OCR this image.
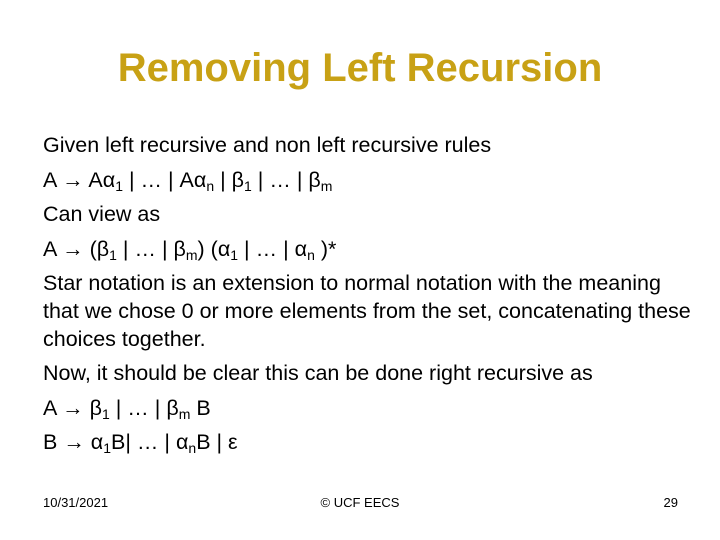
Removing Left Recursion
Given left recursive and non left recursive rules
$A \to A\alpha_1$ | … | $A\alpha_n$ | $\beta_1$ | … | $\beta_m$
Can view as
$A \to (\beta_1$ | … | $\beta_m$) ($\alpha_1$ | … | $\alpha_n$ )*
Star notation is an extension to normal notation with the meaning that we chose 0 or more elements from the set, concatenating these choices together.
Now, it should be clear this can be done right recursive as
$A \to \beta_1$ | … | $\beta_m$ B
$B \to \alpha_1B|$ … | $\alpha_nB$ | ε
10/31/2021	© UCF EECS	29
